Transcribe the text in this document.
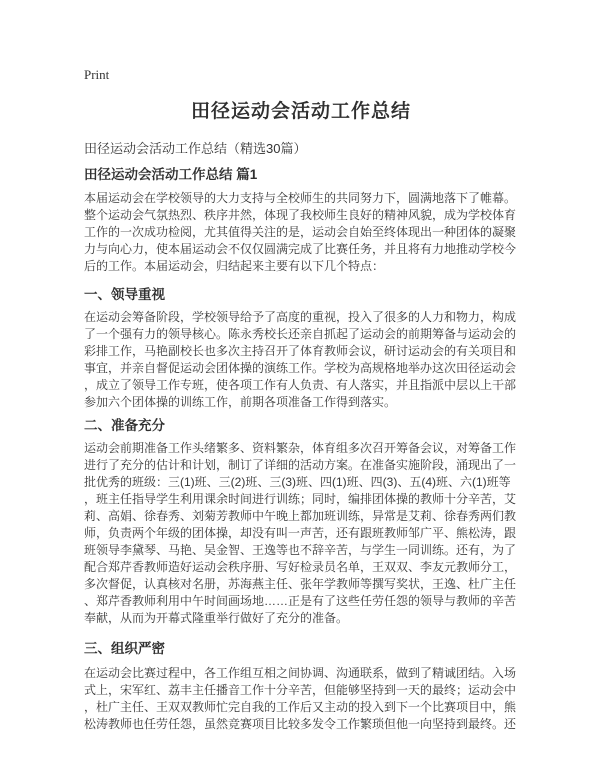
Print
田径运动会活动工作总结
田径运动会活动工作总结（精选30篇）
田径运动会活动工作总结 篇1

本届运动会在学校领导的大力支持与全校师生的共同努力下，圆满地落下了帷幕。整个运动会气氛热烈、秩序井然，体现了我校师生良好的精神风貌，成为学校体育工作的一次成功检阅，尤其值得关注的是，运动会自始至终体现出一种团体的凝聚力与向心力，使本届运动会不仅仅圆满完成了比赛任务，并且将有力地推动学校今后的工作。本届运动会，归结起来主要有以下几个特点：

一、领导重视

在运动会筹备阶段，学校领导给予了高度的重视，投入了很多的人力和物力，构成了一个强有力的领导核心。陈永秀校长还亲自抓起了运动会的前期筹备与运动会的彩排工作，马艳副校长也多次主持召开了体育教师会议，研讨运动会的有关项目和事宜，并亲自督促运动会团体操的演练工作。学校为高规格地举办这次田径运动会，成立了领导工作专班，使各项工作有人负责、有人落实，并且指派中层以上干部参加六个团体操的训练工作，前期各项准备工作得到落实。

二、准备充分

运动会前期准备工作头绪繁多、资料繁杂，体育组多次召开筹备会议，对筹备工作进行了充分的估计和计划，制订了详细的活动方案。在准备实施阶段，涌现出了一批优秀的班级：三(1)班、三(2)班、三(3)班、四(1)班、四(3)、五(4)班、六(1)班等，班主任指导学生利用课余时间进行训练；同时，编排团体操的教师十分辛苦，艾莉、高娟、徐春秀、刘菊芳教师中午晚上都加班训练，异常是艾莉、徐春秀两们教师，负责两个年级的团体操，却没有叫一声苦，还有跟班教师邹广平、熊松涛，跟班领导李黛琴、马艳、吴金智、王逸等也不辞辛苦，与学生一同训练。还有，为了配合郑芹香教师造好运动会秩序册、写好检录员名单，王双双、李友元教师分工，多次督促，认真核对名册，苏海燕主任、张年学教师等撰写奖状，王逸、杜广主任、郑芹香教师利用中午时间画场地……正是有了这些任劳任怨的领导与教师的辛苦奉献，从而为开幕式隆重举行做好了充分的准备。

三、组织严密

在运动会比赛过程中，各工作组互相之间协调、沟通联系，做到了精诚团结。入场式上，宋军红、荔丰主任播音工作十分辛苦，但能够坚持到一天的最终；运动会中，杜广主任、王双双教师忙完自我的工作后又主动的投入到下一个比赛项目中，熊松涛教师也任劳任怨，虽然竞赛项目比较多发令工作繁琐但他一向坚持到最终。还
